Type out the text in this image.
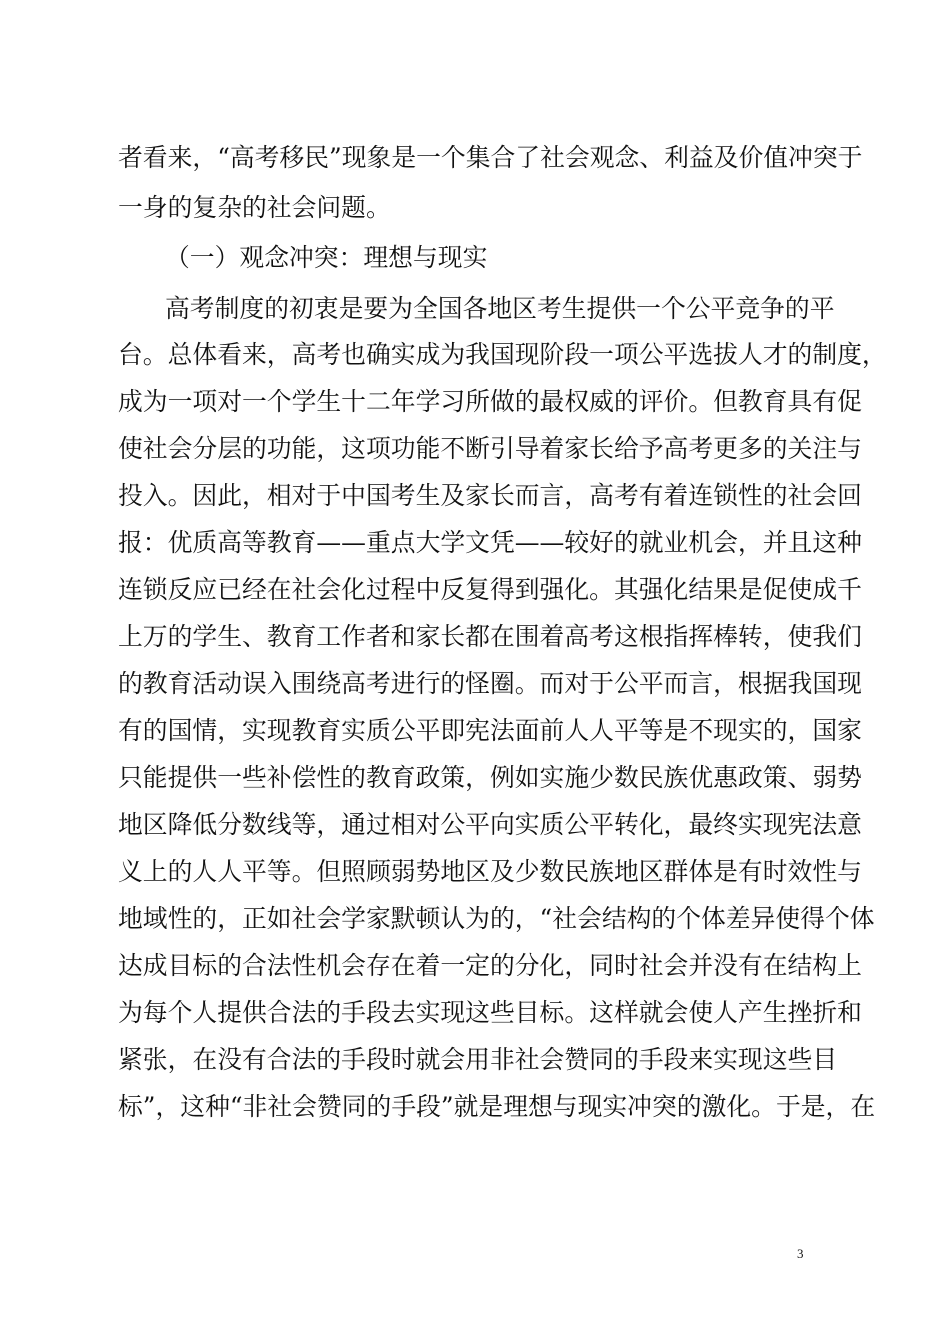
者看来，“高考移民”现象是一个集合了社会观念、利益及价值冲突于
一身的复杂的社会问题。
（一）观念冲突：理想与现实
高考制度的初衷是要为全国各地区考生提供一个公平竞争的平
台。总体看来，高考也确实成为我国现阶段一项公平选拔人才的制度，
成为一项对一个学生十二年学习所做的最权威的评价。但教育具有促
使社会分层的功能，这项功能不断引导着家长给予高考更多的关注与
投入。因此，相对于中国考生及家长而言，高考有着连锁性的社会回
报：优质高等教育——重点大学文凭——较好的就业机会，并且这种
连锁反应已经在社会化过程中反复得到强化。其强化结果是促使成千
上万的学生、教育工作者和家长都在围着高考这根指挥棒转，使我们
的教育活动误入围绕高考进行的怪圈。而对于公平而言，根据我国现
有的国情，实现教育实质公平即宪法面前人人平等是不现实的，国家
只能提供一些补偿性的教育政策，例如实施少数民族优惠政策、弱势
地区降低分数线等，通过相对公平向实质公平转化，最终实现宪法意
义上的人人平等。但照顾弱势地区及少数民族地区群体是有时效性与
地域性的，正如社会学家默顿认为的，“社会结构的个体差异使得个体
达成目标的合法性机会存在着一定的分化，同时社会并没有在结构上
为每个人提供合法的手段去实现这些目标。这样就会使人产生挫折和
紧张，在没有合法的手段时就会用非社会赞同的手段来实现这些目
标”，这种“非社会赞同的手段”就是理想与现实冲突的激化。于是，在
3
